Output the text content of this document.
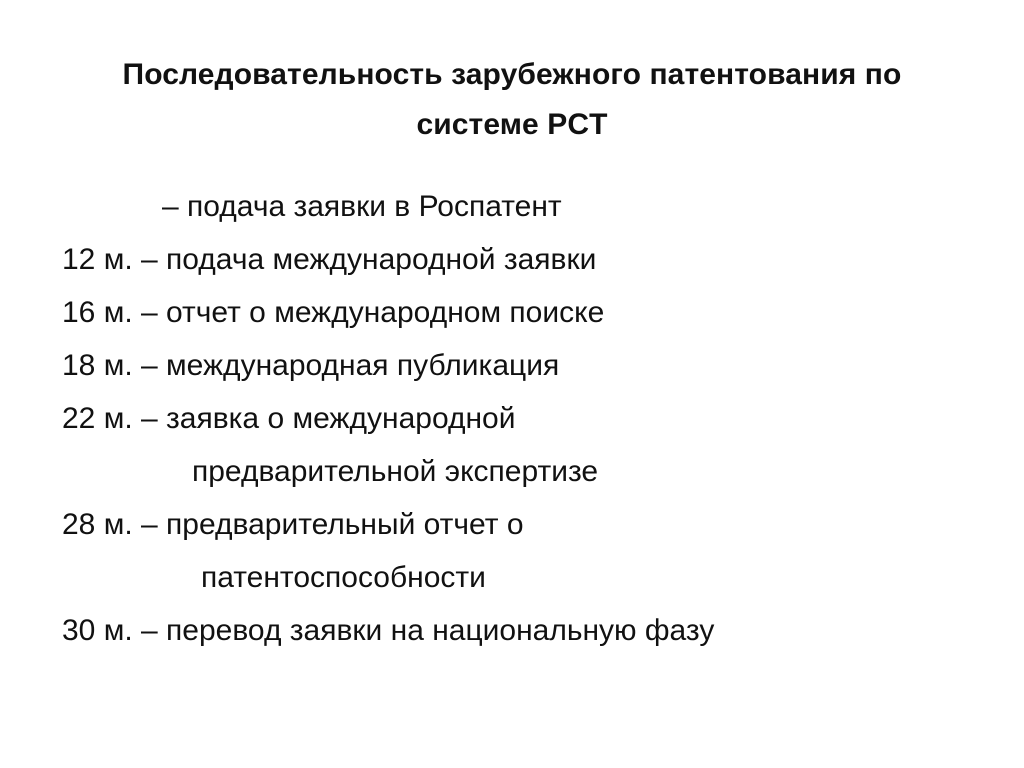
Последовательность зарубежного патентования по
системе PCT
– подача заявки в Роспатент
12 м. – подача международной заявки
16 м. – отчет о международном поиске
18 м. – международная публикация
22 м. – заявка о международной
предварительной экспертизе
28 м. – предварительный отчет о
патентоспособности
30 м. – перевод заявки на национальную фазу
